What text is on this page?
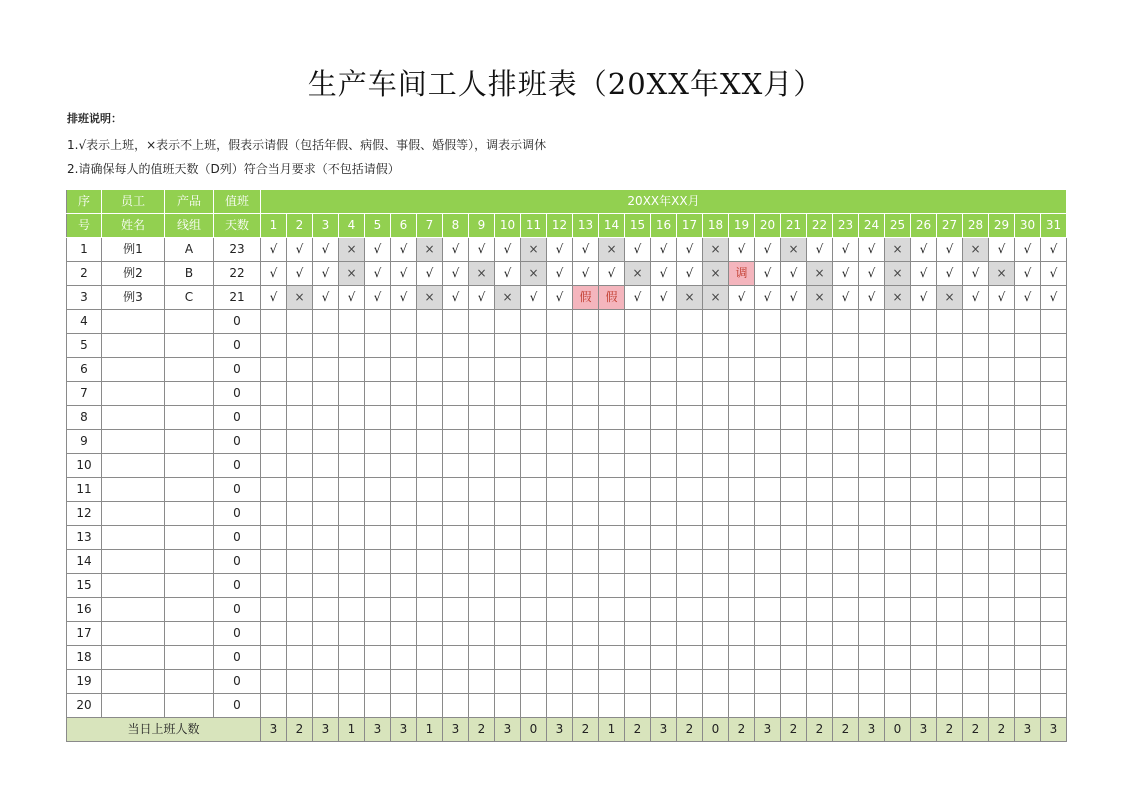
生产车间工人排班表（20XX年XX月）
排班说明：
1.√表示上班，×表示不上班，假表示请假（包括年假、病假、事假、婚假等），调表示调休
2.请确保每人的值班天数（D列）符合当月要求（不包括请假）
序	员工	产品	值班	20XX年XX月																														
号	姓名	线组	天数	1	2	3	4	5	6	7	8	9	10	11	12	13	14	15	16	17	18	19	20	21	22	23	24	25	26	27	28	29	30	31
1	例1	A	23	√	√	√	×	√	√	×	√	√	√	×	√	√	×	√	√	√	×	√	√	×	√	√	√	×	√	√	×	√	√	√
2	例2	B	22	√	√	√	×	√	√	√	√	×	√	×	√	√	√	×	√	√	×	调	√	√	×	√	√	×	√	√	√	×	√	√
3	例3	C	21	√	×	√	√	√	√	×	√	√	×	√	√	假	假	√	√	×	×	√	√	√	×	√	√	×	√	×	√	√	√	√
4			0																															
5			0																															
6			0																															
7			0																															
8			0																															
9			0																															
10			0																															
11			0																															
12			0																															
13			0																															
14			0																															
15			0																															
16			0																															
17			0																															
18			0																															
19			0																															
20			0																															
当日上班人数				3	2	3	1	3	3	1	3	2	3	0	3	2	1	2	3	2	0	2	3	2	2	2	3	0	3	2	2	2	3	3
